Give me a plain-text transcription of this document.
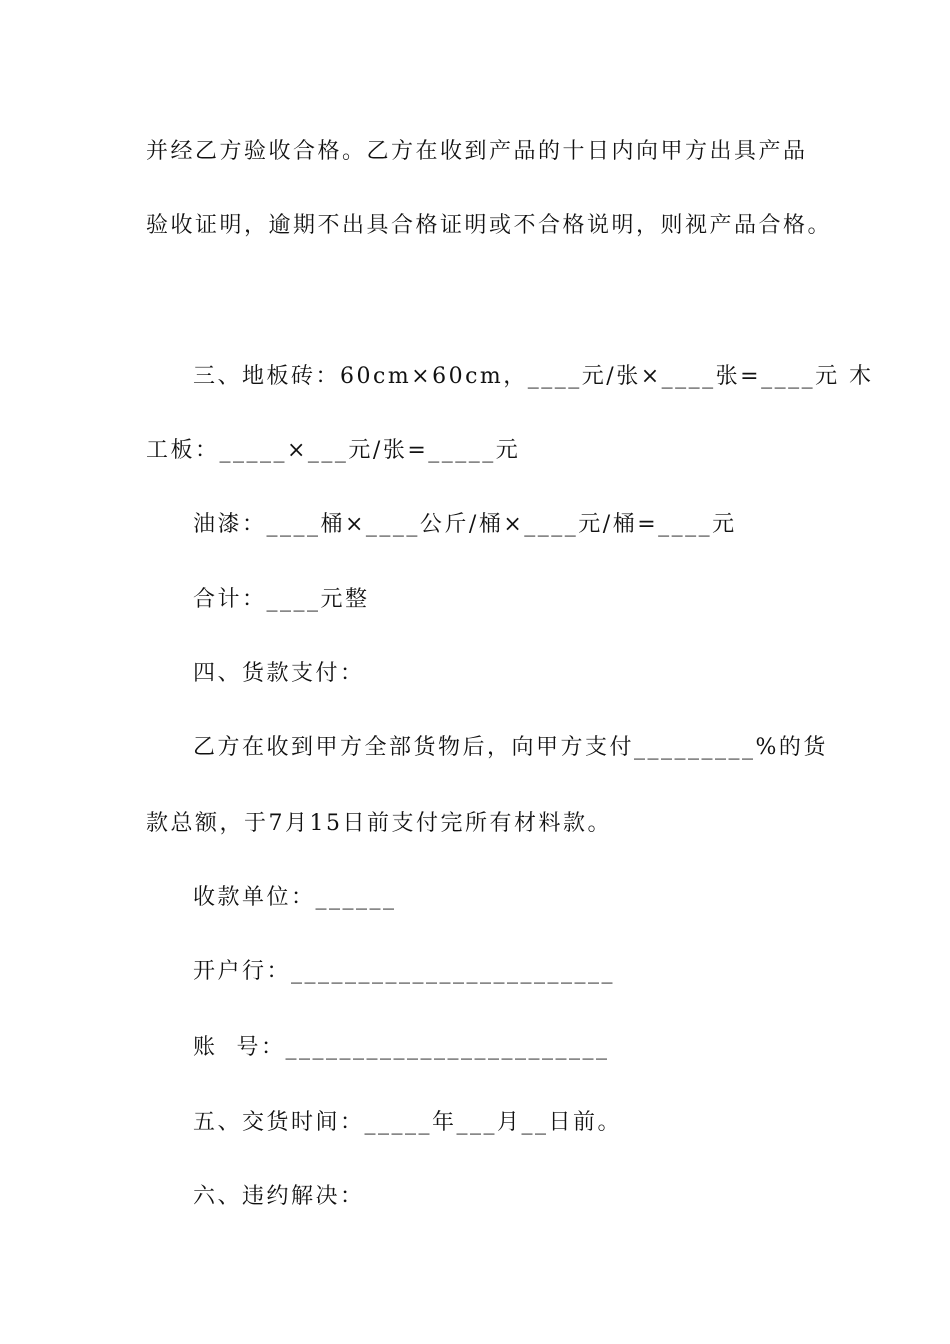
并经乙方验收合格。乙方在收到产品的十日内向甲方出具产品
验收证明，逾期不出具合格证明或不合格说明，则视产品合格。
三、地板砖：60cm×60cm，____元/张×____张=____元 木
工板：_____×___元/张=_____元
油漆：____桶×____公斤/桶×____元/桶=____元
合计：____元整
四、货款支付：
乙方在收到甲方全部货物后，向甲方支付_________%的货
款总额，于7月15日前支付完所有材料款。
收款单位：______
开户行：________________________
账  号：________________________
五、交货时间：_____年___月__日前。
六、违约解决：
